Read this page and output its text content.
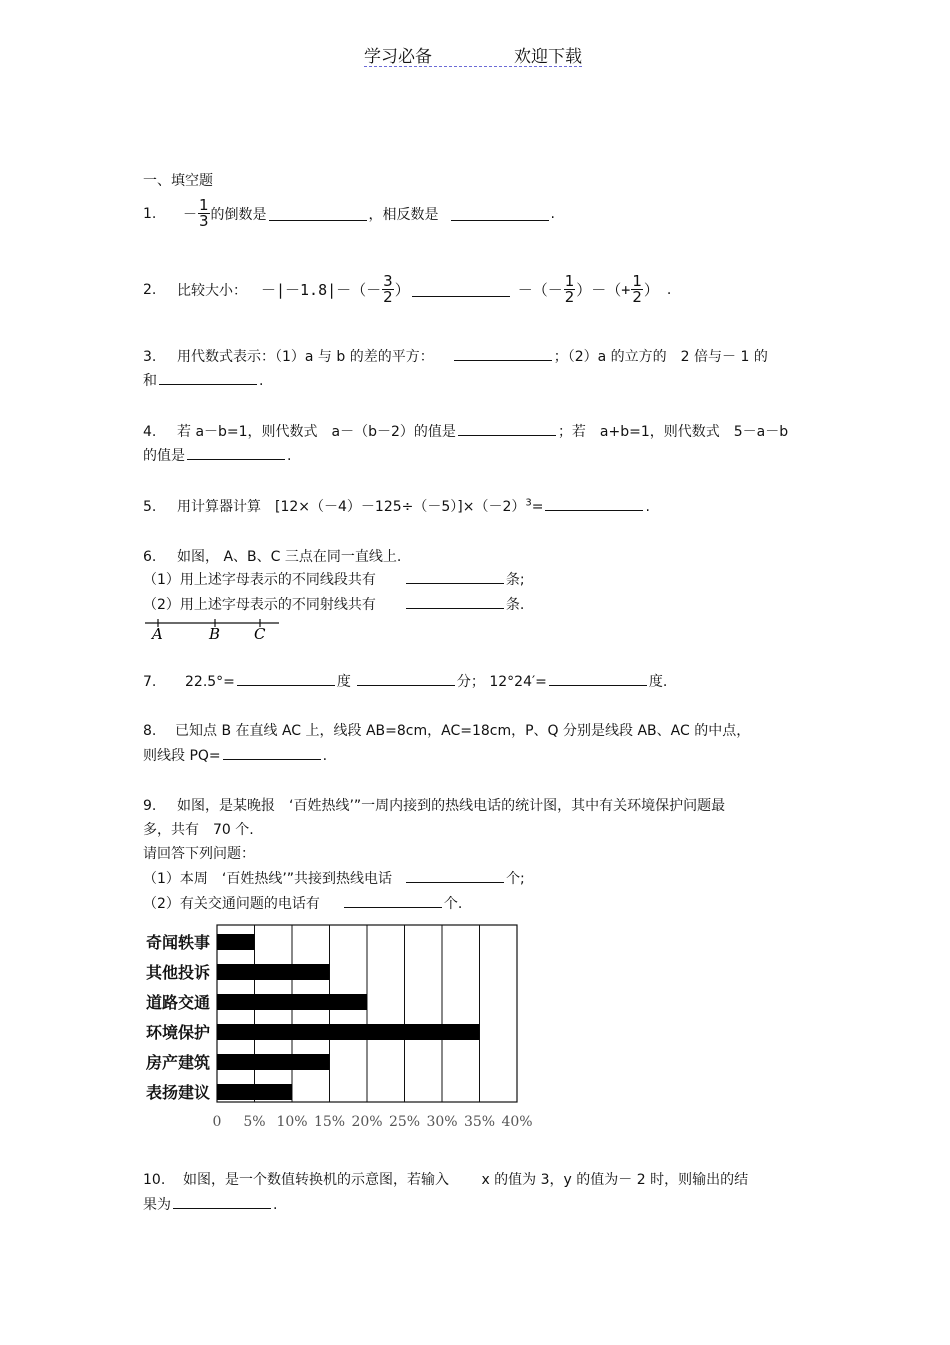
学习必备	欢迎下载
一、填空题
1.	－ $\frac{1}{3}$ 的倒数是	，相反数是	.
2.	比较大小： $-|-1.8|-(- \frac{3}{2}$ ）	－（－ $\frac{1}{2}$ ）－（+ $\frac{1}{2}$ ） .
3. 用代数式表示：（1）a 与 b 的差的平方：	；（2）a 的立方的　2 倍与－ 1 的
和	.
4. 若 a－b=1，则代数式　a－（b－2）的值是	；若　a+b=1，则代数式　5－a－b
的值是	.
5. 用计算器计算　$[12\times(-4)-125\div(-5)]\times(-2)^3=$	.
6. 如图， A、B、C 三点在同一直线上.
（1）用上述字母表示的不同线段共有	条;
（2）用上述字母表示的不同射线共有	条.
A	B C
7. 22.5°=	度	分； 12°24′=	度.
8. 已知点 B 在直线 AC 上，线段 AB=8cm，AC=18cm，P、Q 分别是线段 AB、AC 的中点，
则线段 PQ=	.
9. 如图，是某晚报　‘百姓热线’”一周内接到的热线电话的统计图，其中有关环境保护问题最
多，共有　70 个.
请回答下列问题：
（1）本周　‘百姓热线’”共接到热线电话	个;
（2）有关交通问题的电话有	个.
0 5% 10% 15% 20% 25% 30% 35% 40%
奇闻轶事
其他投诉
道路交通
环境保护
房产建筑
表扬建议
10. 如图，是一个数值转换机的示意图，若输入　　 x 的值为 3，y 的值为－ 2 时，则输出的结
果为	.
